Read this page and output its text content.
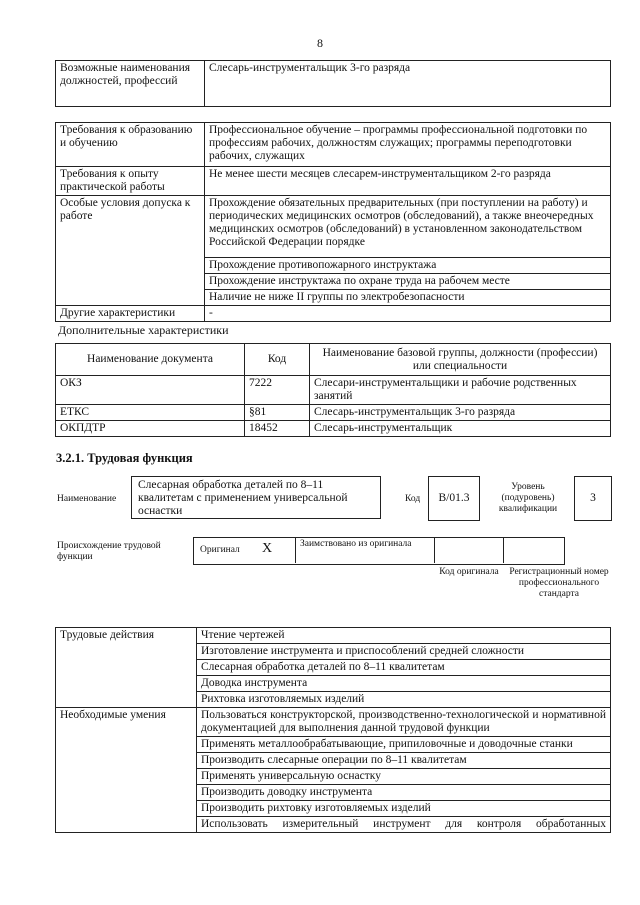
8
Возможные наименования должностей, профессий	Слесарь-инструментальщик 3-го разряда
Требования к образованию и обучению	Профессиональное обучение – программы профессиональной подготовки по профессиям рабочих, должностям служащих; программы переподготовки рабочих, служащих
Требования к опыту практической работы	Не менее шести месяцев слесарем-инструментальщиком 2-го разряда
Особые условия допуска к работе	Прохождение обязательных предварительных (при поступлении на работу) и периодических медицинских осмотров (обследований), а также внеочередных медицинских осмотров (обследований) в установленном законодательством Российской Федерации порядке
	Прохождение противопожарного инструктажа
	Прохождение инструктажа по охране труда на рабочем месте
	Наличие не ниже II группы по электробезопасности
Другие характеристики	-
Дополнительные характеристики
Наименование документа	Код	Наименование базовой группы, должности (профессии) или специальности
ОКЗ	7222	Слесари-инструментальщики и рабочие родственных занятий
ЕТКС	§81	Слесарь-инструментальщик 3-го разряда
ОКПДТР	18452	Слесарь-инструментальщик
3.2.1. Трудовая функция
Наименование
Слесарная обработка деталей по 8–11 квалитетам с применением универсальной оснастки
Код	В/01.3
Уровень (подуровень) квалификации
3
Происхождение трудовой функции
Оригинал X	Заимствовано из оригинала
Код оригинала	Регистрационный номер профессионального стандарта
Трудовые действия	Чтение чертежей
	Изготовление инструмента и приспособлений средней сложности
	Слесарная обработка деталей по 8–11 квалитетам
	Доводка инструмента
	Рихтовка изготовляемых изделий
Необходимые умения	Пользоваться конструкторской, производственно-технологической и нормативной документацией для выполнения данной трудовой функции
	Применять металлообрабатывающие, припиловочные и доводочные станки
	Производить слесарные операции по 8–11 квалитетам
	Применять универсальную оснастку
	Производить доводку инструмента
	Производить рихтовку изготовляемых изделий
	Использовать измерительный инструмент для контроля обработанных
